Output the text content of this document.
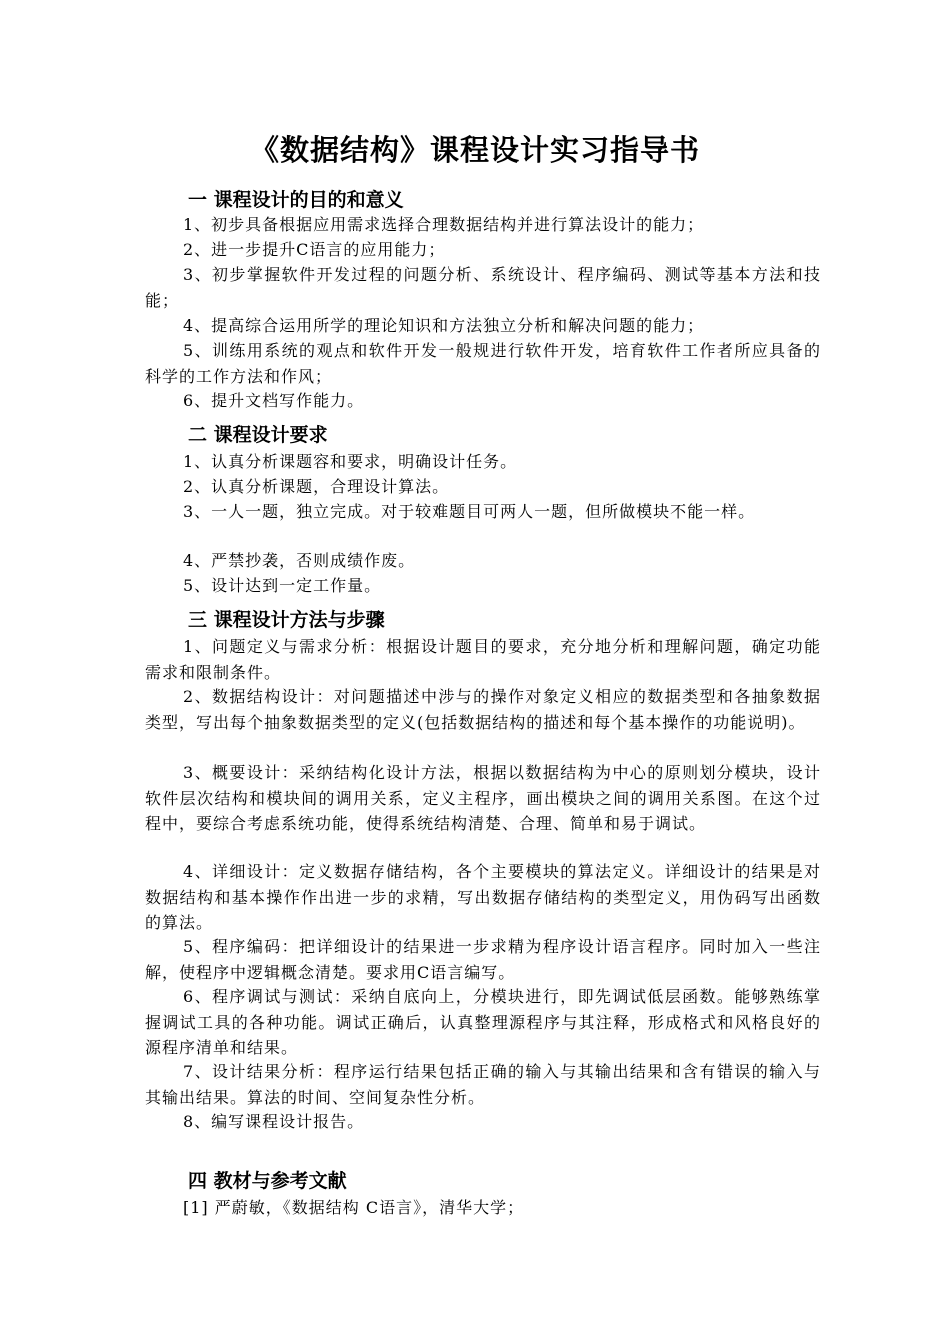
《数据结构》课程设计实习指导书
一 课程设计的目的和意义

1、初步具备根据应用需求选择合理数据结构并进行算法设计的能力；

2、进一步提升C语言的应用能力；

3、初步掌握软件开发过程的问题分析、系统设计、程序编码、测试等基本方法和技能；

4、提高综合运用所学的理论知识和方法独立分析和解决问题的能力；

5、训练用系统的观点和软件开发一般规进行软件开发，培育软件工作者所应具备的科学的工作方法和作风；

6、提升文档写作能力。

二 课程设计要求

1、认真分析课题容和要求，明确设计任务。

2、认真分析课题，合理设计算法。

3、一人一题，独立完成。对于较难题目可两人一题，但所做模块不能一样。

4、严禁抄袭，否则成绩作废。

5、设计达到一定工作量。

三 课程设计方法与步骤

1、问题定义与需求分析：根据设计题目的要求，充分地分析和理解问题，确定功能需求和限制条件。

2、数据结构设计：对问题描述中涉与的操作对象定义相应的数据类型和各抽象数据类型，写出每个抽象数据类型的定义(包括数据结构的描述和每个基本操作的功能说明)。

3、概要设计：采纳结构化设计方法，根据以数据结构为中心的原则划分模块，设计软件层次结构和模块间的调用关系，定义主程序，画出模块之间的调用关系图。在这个过程中，要综合考虑系统功能，使得系统结构清楚、合理、简单和易于调试。

4、详细设计：定义数据存储结构，各个主要模块的算法定义。详细设计的结果是对数据结构和基本操作作出进一步的求精，写出数据存储结构的类型定义，用伪码写出函数的算法。

5、程序编码：把详细设计的结果进一步求精为程序设计语言程序。同时加入一些注解，使程序中逻辑概念清楚。要求用C语言编写。

6、程序调试与测试：采纳自底向上，分模块进行，即先调试低层函数。能够熟练掌握调试工具的各种功能。调试正确后，认真整理源程序与其注释，形成格式和风格良好的源程序清单和结果。

7、设计结果分析：程序运行结果包括正确的输入与其输出结果和含有错误的输入与其输出结果。算法的时间、空间复杂性分析。

8、编写课程设计报告。

四 教材与参考文献

[1] 严蔚敏，《数据结构 C语言》，清华大学；
